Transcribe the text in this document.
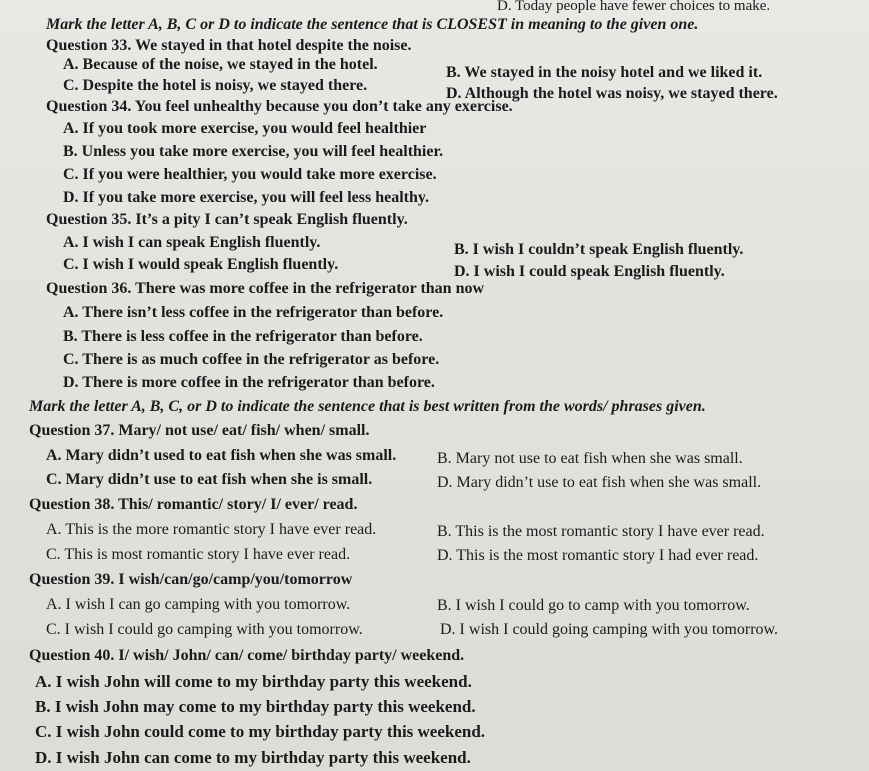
D. Today people have fewer choices to make.
Mark the letter A, B, C or D to indicate the sentence that is CLOSEST in meaning to the given one.
Question 33. We stayed in that hotel despite the noise.
A. Because of the noise, we stayed in the hotel.	B. We stayed in the noisy hotel and we liked it.
C. Despite the hotel is noisy, we stayed there.	D. Although the hotel was noisy, we stayed there.
Question 34. You feel unhealthy because you don’t take any exercise.
A. If you took more exercise, you would feel healthier
B. Unless you take more exercise, you will feel healthier.
C. If you were healthier, you would take more exercise.
D. If you take more exercise, you will feel less healthy.
Question 35. It’s a pity I can’t speak English fluently.
A. I wish I can speak English fluently.	B. I wish I couldn’t speak English fluently.
C. I wish I would speak English fluently.	D. I wish I could speak English fluently.
Question 36. There was more coffee in the refrigerator than now
A. There isn’t less coffee in the refrigerator than before.
B. There is less coffee in the refrigerator than before.
C. There is as much coffee in the refrigerator as before.
D. There is more coffee in the refrigerator than before.
Mark the letter A, B, C, or D to indicate the sentence that is best written from the words/ phrases given.
Question 37. Mary/ not use/ eat/ fish/ when/ small.
A. Mary didn’t used to eat fish when she was small.	B. Mary not use to eat fish when she was small.
C. Mary didn’t use to eat fish when she is small.	D. Mary didn’t use to eat fish when she was small.
Question 38. This/ romantic/ story/ I/ ever/ read.
A. This is the more romantic story I have ever read.	B. This is the most romantic story I have ever read.
C. This is most romantic story I have ever read.	D. This is the most romantic story I had ever read.
Question 39. I wish/can/go/camp/you/tomorrow
A. I wish I can go camping with you tomorrow.	B. I wish I could go to camp with you tomorrow.
C. I wish I could go camping with you tomorrow.	D. I wish I could going camping with you tomorrow.
Question 40. I/ wish/ John/ can/ come/ birthday party/ weekend.
A. I wish John will come to my birthday party this weekend.
B. I wish John may come to my birthday party this weekend.
C. I wish John could come to my birthday party this weekend.
D. I wish John can come to my birthday party this weekend.
